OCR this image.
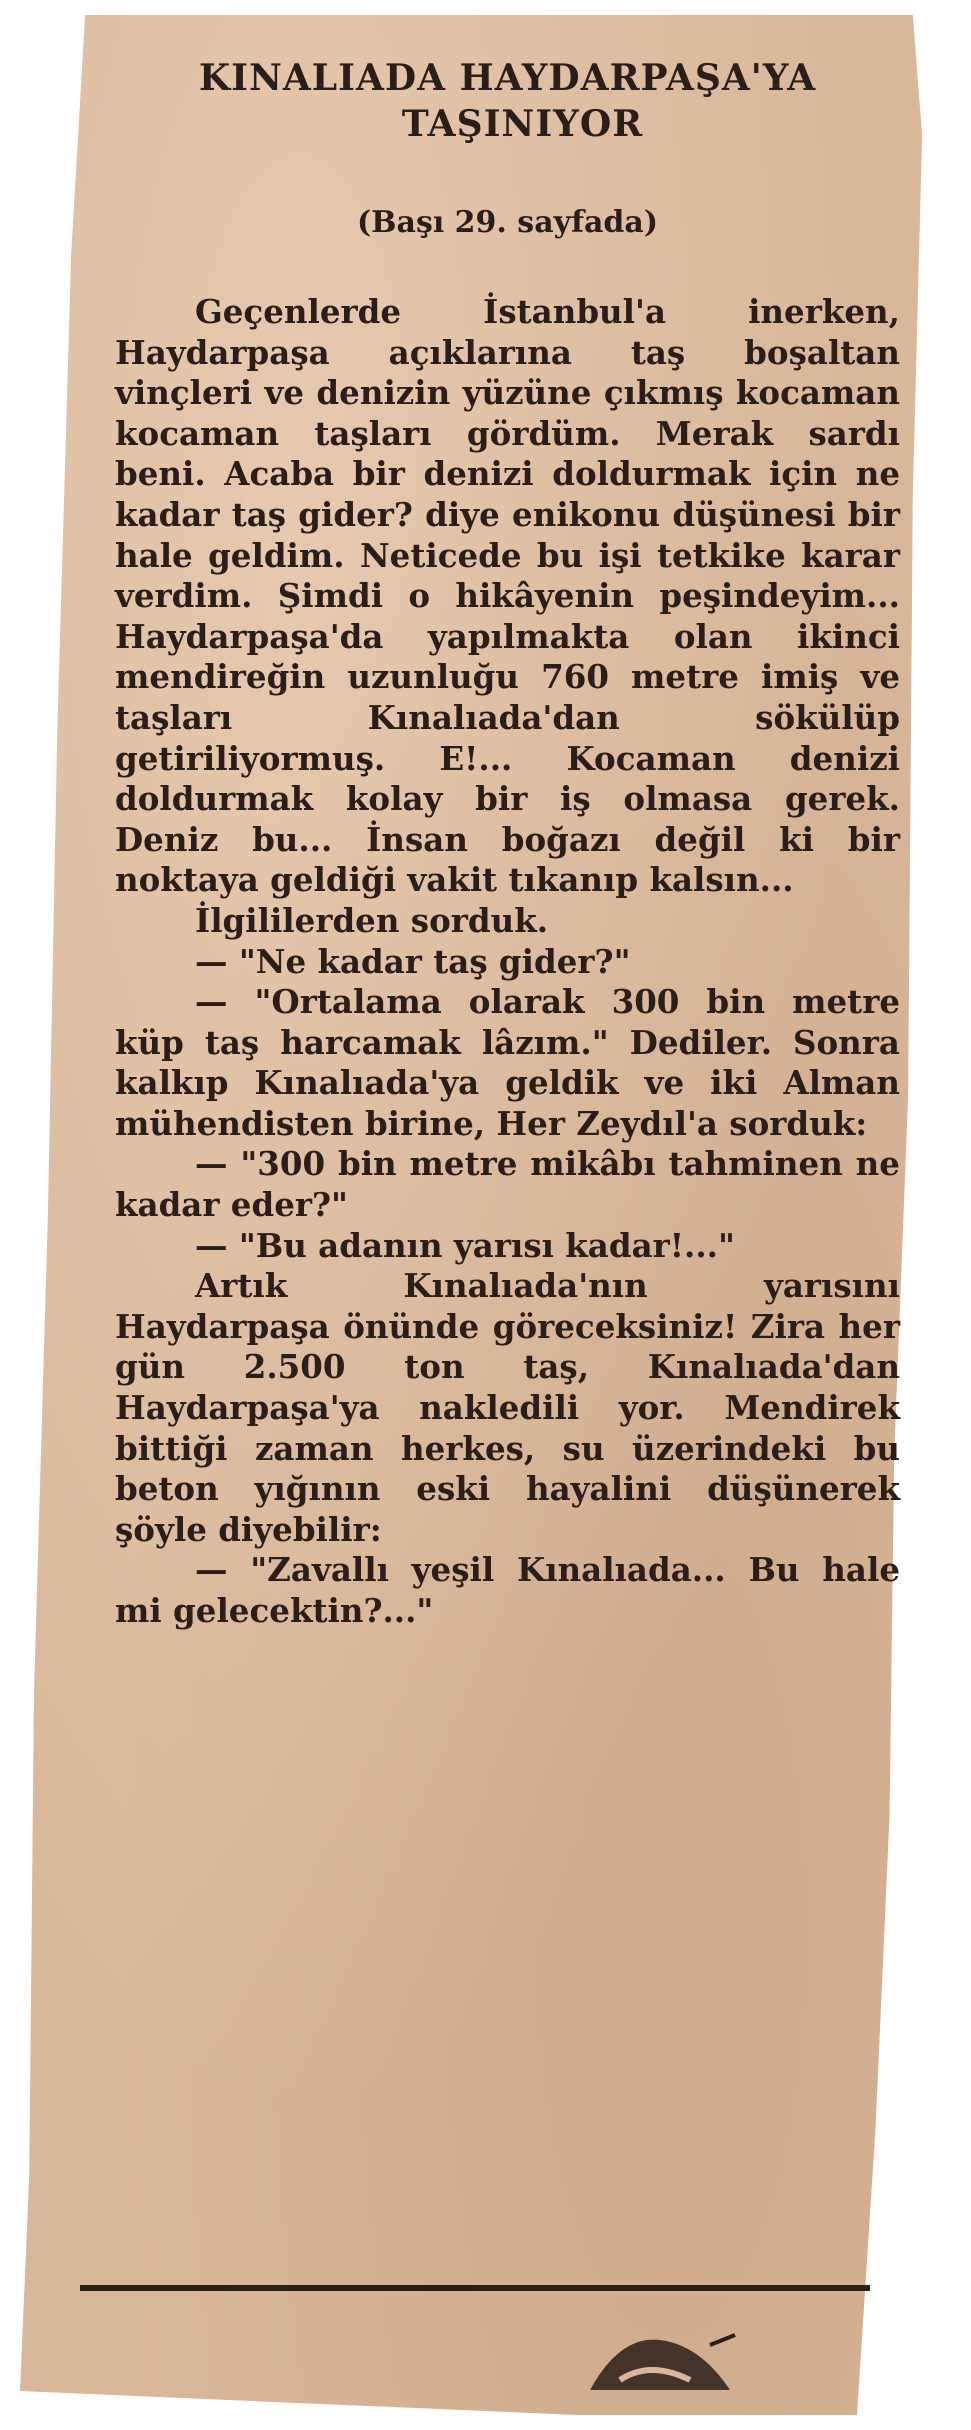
KINALIADA HAYDARPAŞA'YA
TAŞINIYOR
(Başı 29. sayfada)

Geçenlerde İstanbul'a inerken, Haydarpaşa açıklarına taş boşaltan vinçleri ve denizin yüzüne çıkmış kocaman kocaman taşları gördüm. Merak sardı beni. Acaba bir denizi doldurmak için ne kadar taş gider? diye enikonu düşünesi bir hale geldim. Neticede bu işi tetkike karar verdim. Şimdi o hikâyenin peşindeyim... Haydarpaşa'da yapılmakta olan ikinci mendireğin uzunluğu 760 metre imiş ve taşları Kınalıada'dan sökülüp getiriliyormuş. E!... Kocaman denizi doldurmak kolay bir iş olmasa gerek. Deniz bu... İnsan boğazı değil ki bir noktaya geldiği vakit tıkanıp kalsın...

İlgililerden sorduk.

— "Ne kadar taş gider?"

— "Ortalama olarak 300 bin metre küp taş harcamak lâzım." Dediler. Sonra kalkıp Kınalıada'ya geldik ve iki Alman mühendisten birine, Her Zeydıl'a sorduk:

— "300 bin metre mikâbı tahminen ne kadar eder?"

— "Bu adanın yarısı kadar!..."

Artık Kınalıada'nın yarısını Haydarpaşa önünde göreceksiniz! Zira her gün 2.500 ton taş, Kınalıada'dan Haydarpaşa'ya nakledili yor. Mendirek bittiği zaman herkes, su üzerindeki bu beton yığının eski hayalini düşünerek şöyle diyebilir:

— "Zavallı yeşil Kınalıada... Bu hale mi gelecektin?..."
